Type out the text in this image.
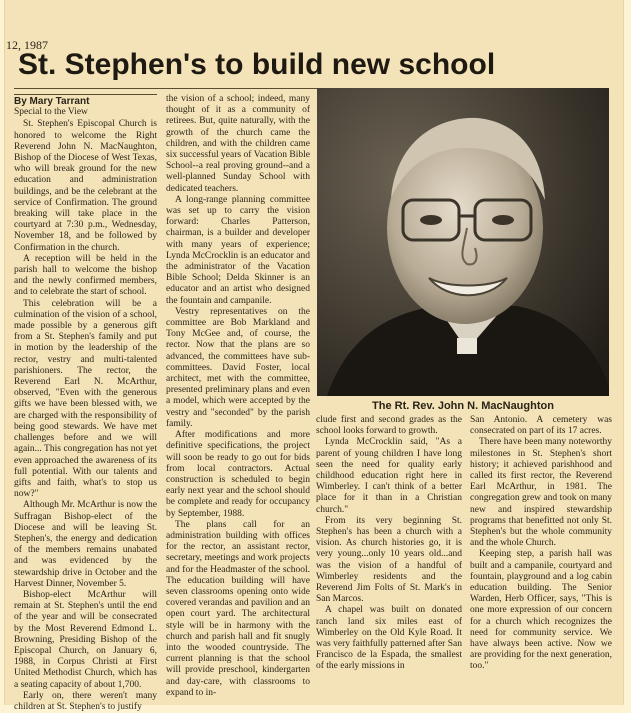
12, 1987
St. Stephen's to build new school
By Mary Tarrant
Special to the View

St. Stephen's Episcopal Church is honored to welcome the Right Reverend John N. MacNaughton, Bishop of the Diocese of West Texas, who will break ground for the new education and administration buildings, and be the celebrant at the service of Confirmation. The ground breaking will take place in the courtyard at 7:30 p.m., Wednesday, November 18, and be followed by Confirmation in the church.

A reception will be held in the parish hall to welcome the bishop and the newly confirmed members, and to celebrate the start of school.

This celebration will be a culmination of the vision of a school, made possible by a generous gift from a St. Stephen's family and put in motion by the leadership of the rector, vestry and multi-talented parishioners. The rector, the Reverend Earl N. McArthur, observed, "Even with the generous gifts we have been blessed with, we are charged with the responsibility of being good stewards. We have met challenges before and we will again... This congregation has not yet even approached the awareness of its full potential. With our talents and gifts and faith, what's to stop us now?"

Although Mr. McArthur is now the Suffragan Bishop-elect of the Diocese and will be leaving St. Stephen's, the energy and dedication of the members remains unabated and was evidenced by the stewardship drive in October and the Harvest Dinner, November 5.

Bishop-elect McArthur will remain at St. Stephen's until the end of the year and will be consecrated by the Most Reverend Edmond L. Browning, Presiding Bishop of the Episcopal Church, on January 6, 1988, in Corpus Christi at First United Methodist Church, which has a seating capacity of about 1,700.

Early on, there weren't many children at St. Stephen's to justify

the vision of a school; indeed, many thought of it as a community of retirees. But, quite naturally, with the growth of the church came the children, and with the children came six successful years of Vacation Bible School--a real proving ground--and a well-planned Sunday School with dedicated teachers.

A long-range planning committee was set up to carry the vision forward: Charles Patterson, chairman, is a builder and developer with many years of experience; Lynda McCrocklin is an educator and the administrator of the Vacation Bible School; Delda Skinner is an educator and an artist who designed the fountain and campanile.

Vestry representatives on the committee are Bob Markland and Tony McGee and, of course, the rector. Now that the plans are so advanced, the committees have sub-committees. David Foster, local architect, met with the committee, presented preliminary plans and even a model, which were accepted by the vestry and "seconded" by the parish family.

After modifications and more definitive specifications, the project will soon be ready to go out for bids from local contractors. Actual construction is scheduled to begin early next year and the school should be complete and ready for occupancy by September, 1988.

The plans call for an administration building with offices for the rector, an assistant rector, secretary, meetings and work projects and for the Headmaster of the school. The education building will have seven classrooms opening onto wide covered verandas and pavilion and an open court yard. The architectural style will be in harmony with the church and parish hall and fit snugly into the wooded countryside. The current planning is that the school will provide preschool, kindergarten and day-care, with classrooms to expand to in-

The Rt. Rev. John N. MacNaughton

clude first and second grades as the school looks forward to growth.

Lynda McCrocklin said, "As a parent of young children I have long seen the need for quality early childhood education right here in Wimberley. I can't think of a better place for it than in a Christian church."

From its very beginning St. Stephen's has been a church with a vision. As church histories go, it is very young...only 10 years old...and was the vision of a handful of Wimberley residents and the Reverend Jim Folts of St. Mark's in San Marcos.

A chapel was built on donated ranch land six miles east of Wimberley on the Old Kyle Road. It was very faithfully patterned after San Francisco de la Espada, the smallest of the early missions in

San Antonio. A cemetery was consecrated on part of its 17 acres.

There have been many noteworthy milestones in St. Stephen's short history; it achieved parishhood and called its first rector, the Reverend Earl McArthur, in 1981. The congregation grew and took on many new and inspired stewardship programs that benefitted not only St. Stephen's but the whole community and the whole Church.

Keeping step, a parish hall was built and a campanile, courtyard and fountain, playground and a log cabin education building. The Senior Warden, Herb Officer, says, "This is one more expression of our concern for a church which recognizes the need for community service. We have always been active. Now we are providing for the next generation, too."
